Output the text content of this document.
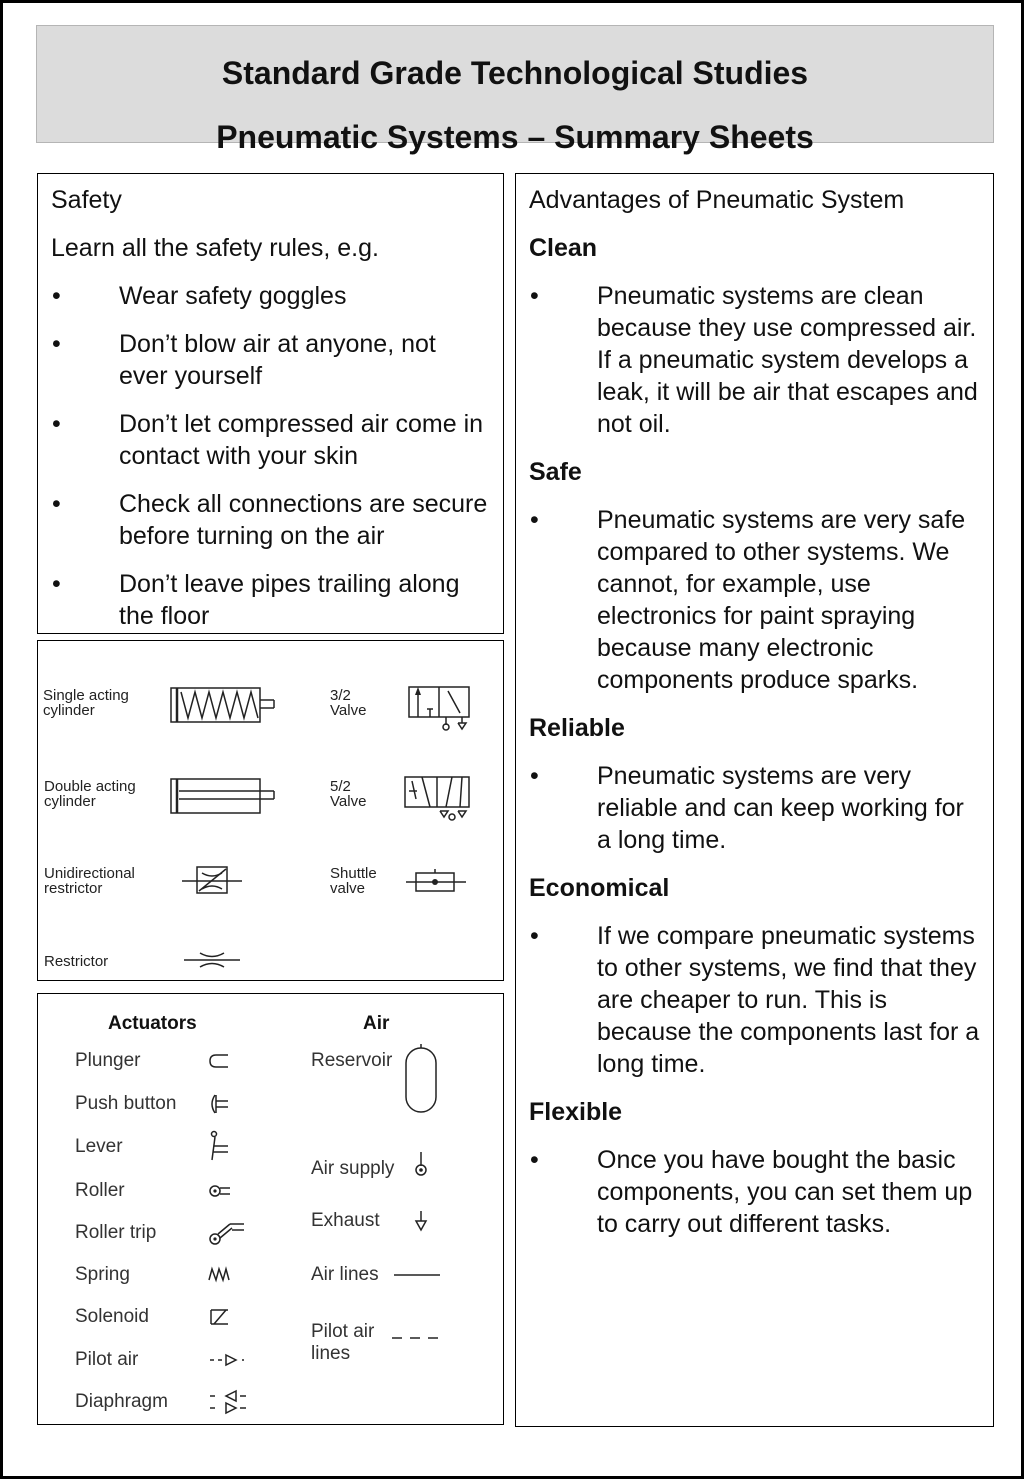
Standard Grade Technological Studies
Pneumatic Systems – Summary Sheets
Safety
Learn all the safety rules, e.g.
•	Wear safety goggles
•	Don’t blow air at anyone, not ever yourself
•	Don’t let compressed air come in contact with your skin
•	Check all connections are secure before turning on the air
•	Don’t leave pipes trailing along the floor
Advantages of Pneumatic System
Clean
•	Pneumatic systems are clean because they use compressed air. If a pneumatic system develops a leak, it will be air that escapes and not oil.
Safe
•	Pneumatic systems are very safe compared to other systems. We cannot, for example, use electronics for paint spraying because many electronic components produce sparks.
Reliable
•	Pneumatic systems are very reliable and can keep working for a long time.
Economical
•	If we compare pneumatic systems to other systems, we find that they are cheaper to run. This is because the components last for a long time.
Flexible
•	Once you have bought the basic components, you can set them up to carry out different tasks.
Single acting
cylinder
Double acting
cylinder
Unidirectional
restrictor
Restrictor
3/2
Valve
5/2
Valve
Shuttle
valve
Actuators	Air
Plunger
Push button
Lever
Roller
Roller trip
Spring
Solenoid
Pilot air
Diaphragm
Reservoir
Air supply
Exhaust
Air lines
Pilot air
lines
